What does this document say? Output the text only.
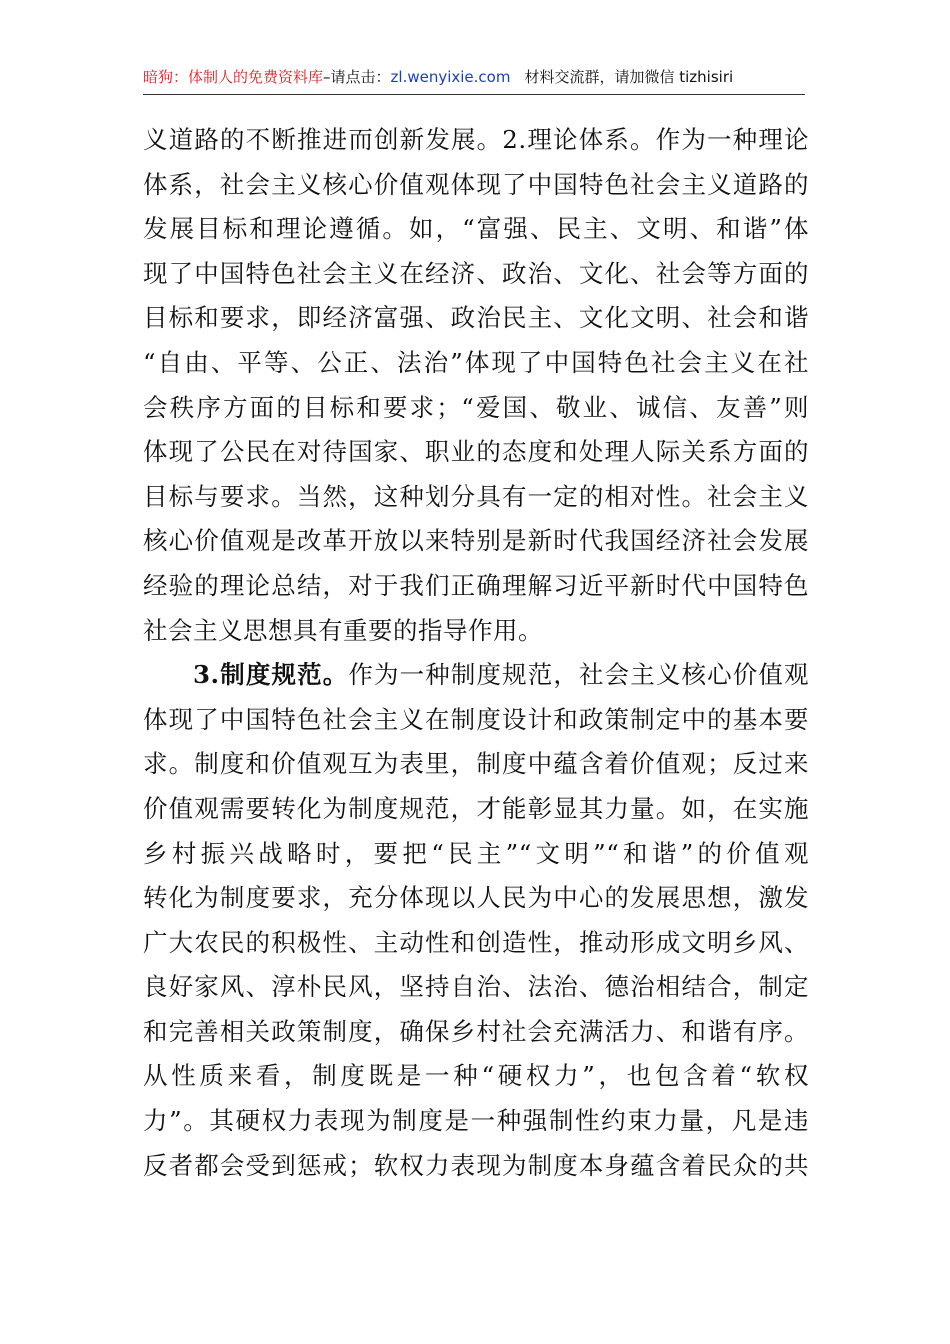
暗狗：体制人的免费资料库–请点击：zl.wenyixie.com 材料交流群，请加微信 tizhisiri
义道路的不断推进而创新发展。2.理论体系。作为一种理论
体系，社会主义核心价值观体现了中国特色社会主义道路的
发展目标和理论遵循。如，“富强、民主、文明、和谐”体
现了中国特色社会主义在经济、政治、文化、社会等方面的
目标和要求，即经济富强、政治民主、文化文明、社会和谐
“自由、平等、公正、法治”体现了中国特色社会主义在社
会秩序方面的目标和要求；“爱国、敬业、诚信、友善”则
体现了公民在对待国家、职业的态度和处理人际关系方面的
目标与要求。当然，这种划分具有一定的相对性。社会主义
核心价值观是改革开放以来特别是新时代我国经济社会发展
经验的理论总结，对于我们正确理解习近平新时代中国特色
社会主义思想具有重要的指导作用。
3.制度规范。作为一种制度规范，社会主义核心价值观
体现了中国特色社会主义在制度设计和政策制定中的基本要
求。制度和价值观互为表里，制度中蕴含着价值观；反过来
价值观需要转化为制度规范，才能彰显其力量。如，在实施
乡村振兴战略时，要把“民主”“文明”“和谐”的价值观
转化为制度要求，充分体现以人民为中心的发展思想，激发
广大农民的积极性、主动性和创造性，推动形成文明乡风、
良好家风、淳朴民风，坚持自治、法治、德治相结合，制定
和完善相关政策制度，确保乡村社会充满活力、和谐有序。
从性质来看，制度既是一种“硬权力”，也包含着“软权
力”。其硬权力表现为制度是一种强制性约束力量，凡是违
反者都会受到惩戒；软权力表现为制度本身蕴含着民众的共
